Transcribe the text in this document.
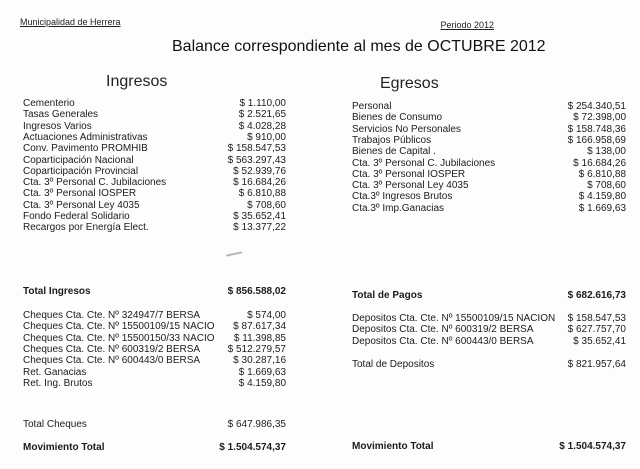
Municipalidad de Herrera	Periodo 2012
Balance correspondiente al mes de OCTUBRE 2012
Ingresos	Egresos
Cementerio	$ 1.110,00
Tasas Generales	$ 2.521,65
Ingresos Varios	$ 4.028,28
Actuaciones Administrativas	$ 910,00
Conv. Pavimento PROMHIB	$ 158.547,53
Coparticipación Nacional	$ 563.297,43
Coparticipación Provincial	$ 52.939,76
Cta. 3º Personal C. Jubilaciones	$ 16.684,26
Cta. 3º Personal IOSPER	$ 6.810,88
Cta. 3º Personal Ley 4035	$ 708,60
Fondo Federal Solidario	$ 35.652,41
Recargos por Energía Elect.	$ 13.377,22
Total Ingresos	$ 856.588,02
Cheques Cta. Cte. Nº 324947/7 BERSA	$ 574,00
Cheques Cta. Cte. Nº 15500109/15 NACIO $ 87.617,34
Cheques Cta. Cte. Nº 15500150/33 NACIO $ 11.398,85
Cheques Cta. Cte. Nº 600319/2 BERSA	$ 512.279,57
Cheques Cta. Cte. Nº 600443/0 BERSA	$ 30.287,16
Ret. Ganacias	$ 1.669,63
Ret. Ing. Brutos	$ 4.159,80
Total Cheques	$ 647.986,35
Movimiento Total	$ 1.504.574,37
Personal	$ 254.340,51
Bienes de Consumo	$ 72.398,00
Servicios No Personales	$ 158.748,36
Trabajos Públicos	$ 166.958,69
Bienes de Capital .	$ 138,00
Cta. 3º Personal C. Jubilaciones	$ 16.684,26
Cta. 3º Personal IOSPER	$ 6.810,88
Cta. 3º Personal Ley 4035	$ 708,60
Cta.3º Ingresos Brutos	$ 4.159,80
Cta.3º Imp.Ganacias	$ 1.669,63
Total de Pagos	$ 682.616,73
Depositos Cta. Cte. Nº 15500109/15 NACION $ 158.547,53
Depositos Cta. Cte. Nº 600319/2 BERSA	$ 627.757,70
Depositos Cta. Cte. Nº 600443/0 BERSA	$ 35.652,41
Total de Depositos	$ 821.957,64
Movimiento Total	$ 1.504.574,37
